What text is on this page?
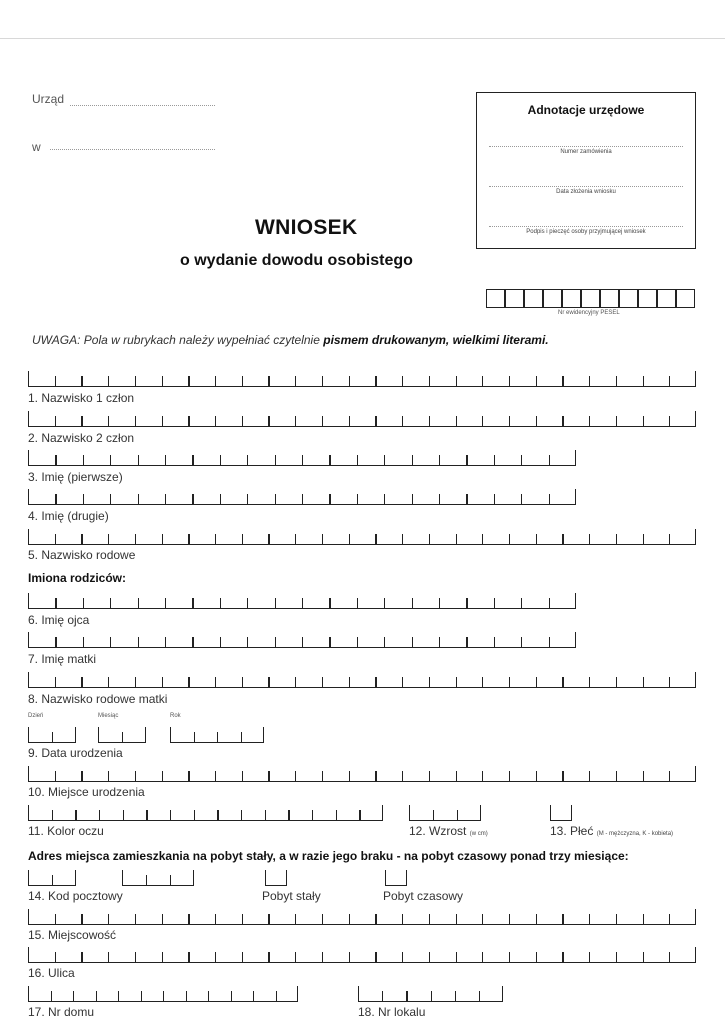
Urząd
w
WNIOSEK
o wydanie dowodu osobistego
Adnotacje urzędowe
Numer zamówienia
Data złożenia wniosku
Podpis i pieczęć osoby przyjmującej wniosek
Nr ewidencyjny PESEL
UWAGA: Pola w rubrykach należy wypełniać czytelnie pismem drukowanym, wielkimi literami.
1. Nazwisko 1 człon
2. Nazwisko 2 człon
3. Imię (pierwsze)
4. Imię (drugie)
5. Nazwisko rodowe
Imiona rodziców:
6. Imię ojca
7. Imię matki
8. Nazwisko rodowe matki
Dzień	Miesiąc	Rok
9. Data urodzenia
10. Miejsce urodzenia
11. Kolor oczu	12. Wzrost (w cm)	13. Płeć (M - mężczyzna, K - kobieta)
Adres miejsca zamieszkania na pobyt stały, a w razie jego braku - na pobyt czasowy ponad trzy miesiące:
14. Kod pocztowy	Pobyt stały	Pobyt czasowy
15. Miejscowość
16. Ulica
17. Nr domu	18. Nr lokalu
